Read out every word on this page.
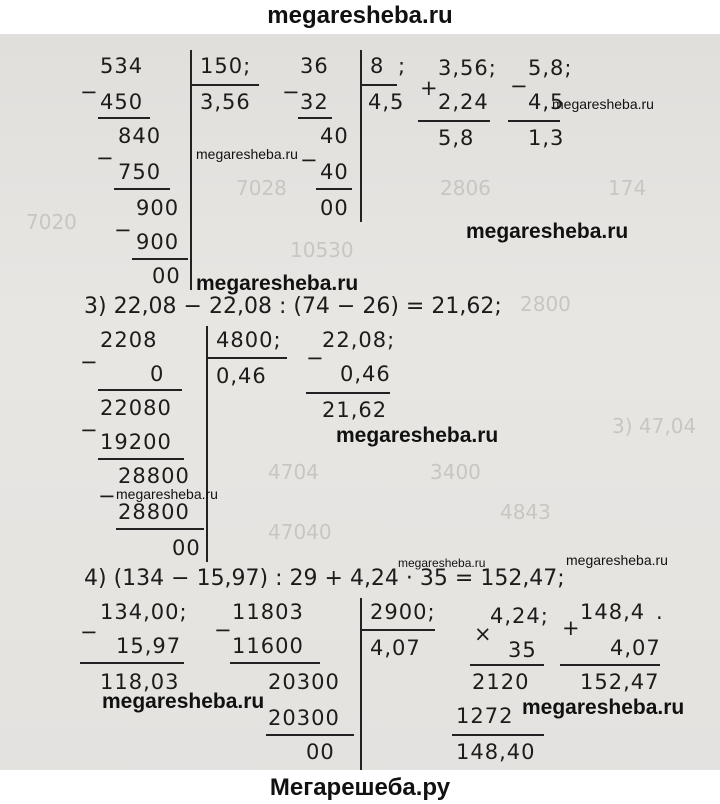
7028	2806	174
7020
10530
2800
3) 47,04
4704	3400
47040
4843
−
534
450
840
−
750
900
− 900
00
150;
3,56 −
36
32
40
− 40
00
8 ;
4,5
+
3,56;
2,24
5,8
−
5,8;
4,5
1,3
3) 22,08 − 22,08 : (74 − 26) = 21,62;
−
2208
0
22080
− 19200
28800
−
28800
00
4800;
0,46
−
22,08;
0,46
21,62
4) (134 − 15,97) : 29 + 4,24 · 35 = 152,47;
−
134,00;
15,97
118,03
−
11803
11600
20300
20300
00
2900;
4,07
×
4,24;
35
2120
1272
148,40
+
148,4 .
4,07
152,47
megaresheba.ru
megaresheba.ru
megaresheba.ru
megaresheba.ru
megaresheba.ru
megaresheba.ru
megaresheba.ru	megaresheba.ru
megaresheba.ru	megaresheba.ru
megaresheba.ru
Мегарешеба.ру
